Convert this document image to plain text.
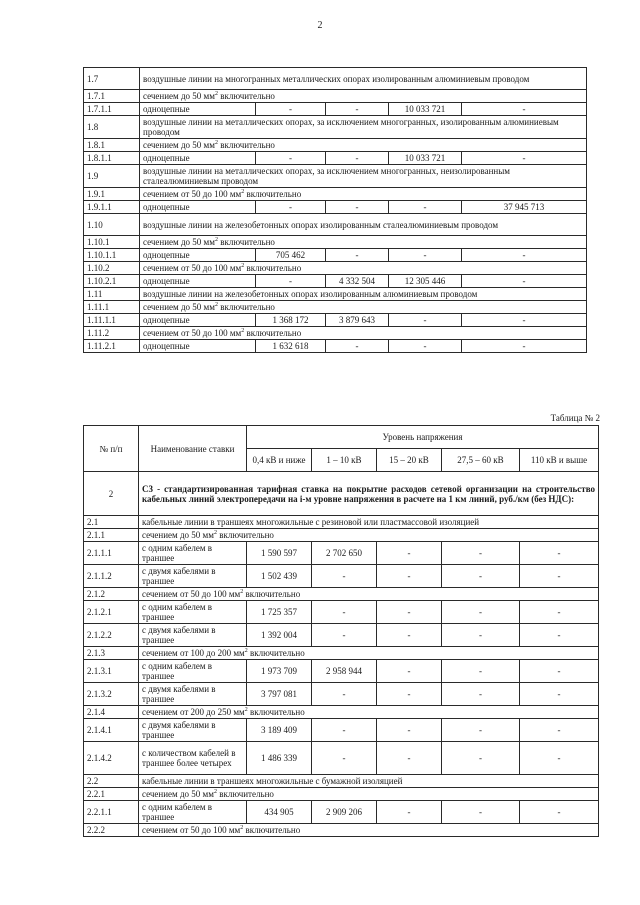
2
1.7	воздушные линии на многогранных металлических опорах изолированным алюминиевым проводом				
1.7.1	сечением до 50 $мм^2$ включительно				
1.7.1.1	одноцепные	-	-	10 033 721	-
1.8	воздушные линии на металлических опорах, за исключением многогранных, изолированным алюминиевым проводом				
1.8.1	сечением до 50 $мм^2$ включительно				
1.8.1.1	одноцепные	-	-	10 033 721	-
1.9	воздушные линии на металлических опорах, за исключением многогранных, неизолированным сталеалюминиевым проводом				
1.9.1	сечением от 50 до 100 $мм^2$ включительно				
1.9.1.1	одноцепные	-	-	-	37 945 713
1.10	воздушные линии на железобетонных опорах изолированным сталеалюминиевым проводом				
1.10.1	сечением до 50 $мм^2$ включительно				
1.10.1.1	одноцепные	705 462	-	-	-
1.10.2	сечением от 50 до 100 $мм^2$ включительно				
1.10.2.1	одноцепные	-	4 332 504	12 305 446	-
1.11	воздушные линии на железобетонных опорах изолированным алюминиевым проводом				
1.11.1	сечением до 50 $мм^2$ включительно				
1.11.1.1	одноцепные	1 368 172	3 879 643	-	-
1.11.2	сечением от 50 до 100 $мм^2$ включительно				
1.11.2.1	одноцепные	1 632 618	-	-	-
Таблица № 2
№ п/п	Наименование ставки	Уровень напряжения				
		0,4 кВ и ниже	1 – 10 кВ	15 – 20 кВ	27,5 – 60 кВ	110 кВ и выше
2	С3 - стандартизированная тарифная ставка на покрытие расходов сетевой организации на строительство кабельных линий электропередачи на i-м уровне напряжения в расчете на 1 км линий, руб./км (без НДС):					
2.1	кабельные линии в траншеях многожильные с резиновой или пластмассовой изоляцией					
2.1.1	сечением до 50 $мм^2$ включительно					
2.1.1.1	с одним кабелем в траншее	1 590 597	2 702 650	-	-	-
2.1.1.2	с двумя кабелями в траншее	1 502 439	-	-	-	-
2.1.2	сечением от 50 до 100 $мм^2$ включительно					
2.1.2.1	с одним кабелем в траншее	1 725 357	-	-	-	-
2.1.2.2	с двумя кабелями в траншее	1 392 004	-	-	-	-
2.1.3	сечением от 100 до 200 $мм^2$ включительно					
2.1.3.1	с одним кабелем в траншее	1 973 709	2 958 944	-	-	-
2.1.3.2	с двумя кабелями в траншее	3 797 081	-	-	-	-
2.1.4	сечением от 200 до 250 $мм^2$ включительно					
2.1.4.1	с двумя кабелями в траншее	3 189 409	-	-	-	-
2.1.4.2	с количеством кабелей в траншее более четырех	1 486 339	-	-	-	-
2.2	кабельные линии в траншеях многожильные с бумажной изоляцией					
2.2.1	сечением до 50 $мм^2$ включительно					
2.2.1.1	с одним кабелем в траншее	434 905	2 909 206	-	-	-
2.2.2	сечением от 50 до 100 $мм^2$ включительно					
